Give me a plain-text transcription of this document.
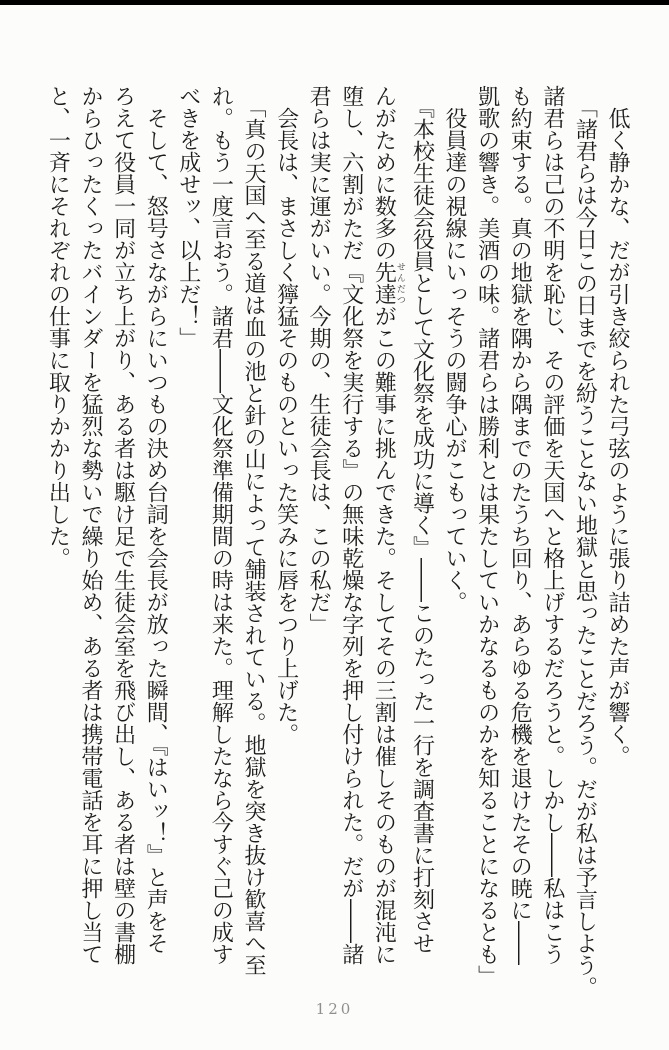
　低く静かな、だが引き絞られた弓弦のように張り詰めた声が響く。

　「諸君らは今日この日までを紛うことない地獄と思ったことだろう。だが私は予言しよう。

諸君らは己の不明を恥じ、その評価を天国へと格上げするだろうと。しかし――私はこう

も約束する。真の地獄を隅から隅までのたうち回り、あらゆる危機を退けたその暁に――

凱歌の響き。美酒の味。諸君らは勝利とは果たしていかなるものかを知ることになるとも」

　役員達の視線にいっそうの闘争心がこもっていく。

　『本校生徒会役員として文化祭を成功に導く』――このたった一行を調査書に打刻させ

んがために数多の先達せんだつがこの難事に挑んできた。そしてその三割は催しそのものが混沌に

堕し、六割がただ『文化祭を実行する』の無味乾燥な字列を押し付けられた。だが――諸

君らは実に運がいい。今期の、生徒会長は、この私だ」

　会長は、まさしく獰猛そのものといった笑みに唇をつり上げた。

　「真の天国へ至る道は血の池と針の山によって舗装されている。地獄を突き抜け歓喜へ至

れ。もう一度言おう。諸君――文化祭準備期間の時は来た。理解したなら今すぐ己の成す

べきを成せッ、以上だ！」

　そして、怒号さながらにいつもの決め台詞を会長が放った瞬間、『はいッ！』と声をそ

ろえて役員一同が立ち上がり、ある者は駆け足で生徒会室を飛び出し、ある者は壁の書棚

からひったくったバインダーを猛烈な勢いで繰り始め、ある者は携帯電話を耳に押し当て

と、一斉にそれぞれの仕事に取りかかり出した。

120
